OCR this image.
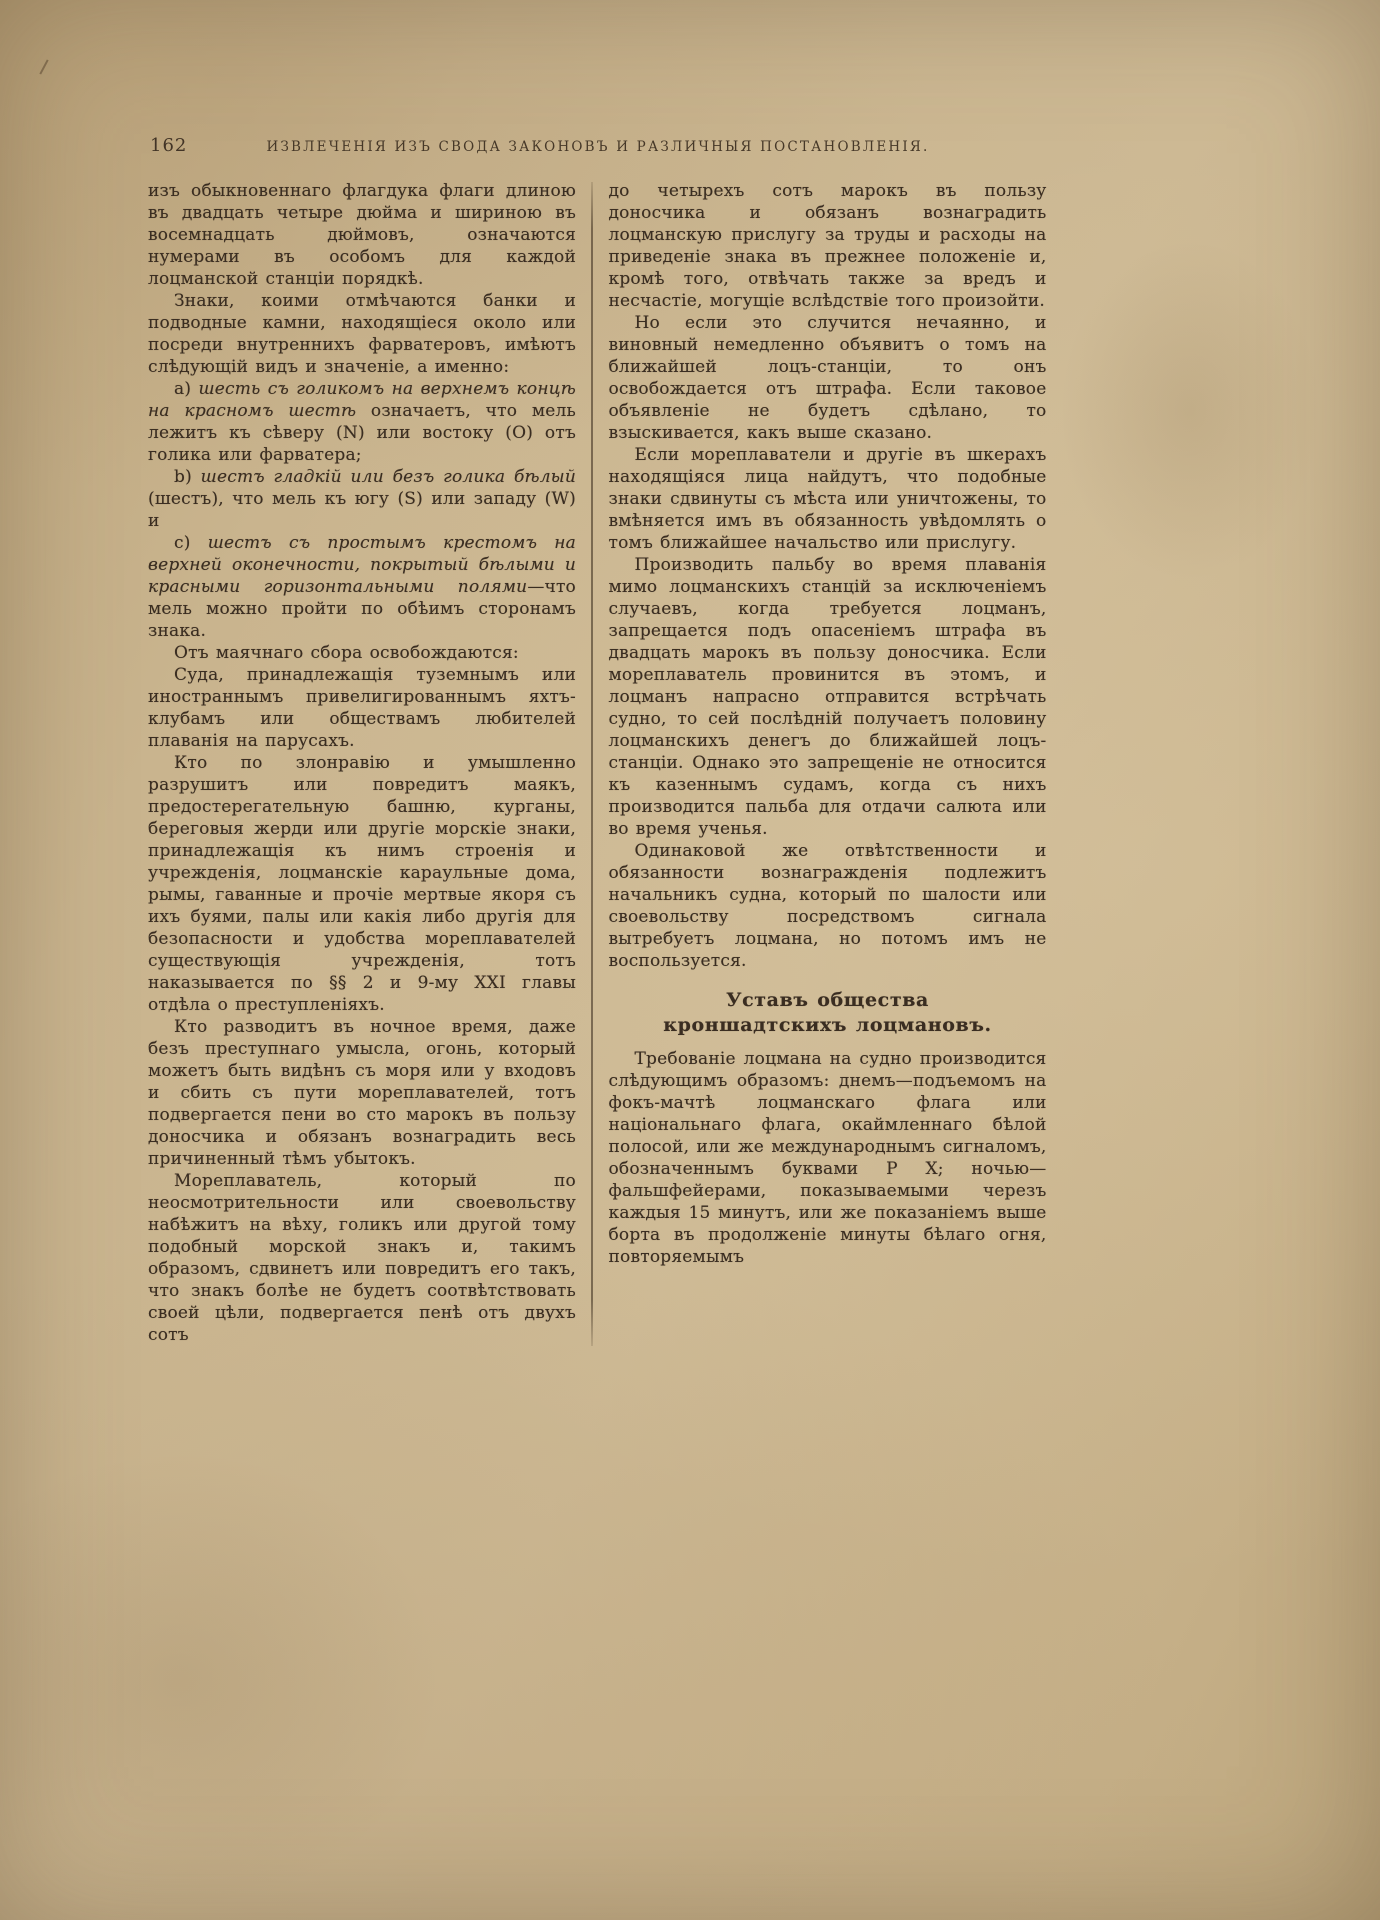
162	ИЗВЛЕЧЕНІЯ ИЗЪ СВОДА ЗАКОНОВЪ И РАЗЛИЧНЫЯ ПОСТАНОВЛЕНІЯ.

изъ обыкновеннаго флагдука флаги длиною въ двадцать четыре дюйма и шириною въ восемнадцать дюймовъ, означаются нумерами въ особомъ для каждой лоцманской станціи порядкѣ.

Знаки, коими отмѣчаются банки и подводные камни, находящіеся около или посреди внутреннихъ фарватеровъ, имѣютъ слѣдующій видъ и значеніе, а именно:

а) шесть съ голикомъ на верхнемъ концѣ на красномъ шестѣ означаетъ, что мель лежитъ къ сѣверу (N) или востоку (O) отъ голика или фарватера;

b) шестъ гладкій или безъ голика бѣлый (шестъ), что мель къ югу (S) или западу (W) и

c) шестъ съ простымъ крестомъ на верхней оконечности, покрытый бѣлыми и красными горизонтальными полями—что мель можно пройти по обѣимъ сторонамъ знака.

Отъ маячнаго сбора освобождаются:

Суда, принадлежащія туземнымъ или иностраннымъ привелигированнымъ яхтъ-клубамъ или обществамъ любителей плаванія на парусахъ.

Кто по злонравію и умышленно разрушитъ или повредитъ маякъ, предостерегательную башню, курганы, береговыя жерди или другіе морскіе знаки, принадлежащія къ нимъ строенія и учрежденія, лоцманскіе караульные дома, рымы, гаванные и прочіе мертвые якоря съ ихъ буями, палы или какія либо другія для безопасности и удобства мореплавателей существующія учрежденія, тотъ наказывается по §§ 2 и 9-му XXI главы отдѣла о преступленіяхъ.

Кто разводитъ въ ночное время, даже безъ преступнаго умысла, огонь, который можетъ быть видѣнъ съ моря или у входовъ и сбить съ пути мореплавателей, тотъ подвергается пени во сто марокъ въ пользу доносчика и обязанъ вознаградить весь причиненный тѣмъ убытокъ.

Мореплаватель, который по неосмотрительности или своевольству набѣжитъ на вѣху, голикъ или другой тому подобный морской знакъ и, такимъ образомъ, сдвинетъ или повредитъ его такъ, что знакъ болѣе не будетъ соотвѣтствовать своей цѣли, подвергается пенѣ отъ двухъ сотъ

до четырехъ сотъ марокъ въ пользу доносчика и обязанъ вознаградить лоцманскую прислугу за труды и расходы на приведеніе знака въ прежнее положеніе и, кромѣ того, отвѣчать также за вредъ и несчастіе, могущіе вслѣдствіе того произойти.

Но если это случится нечаянно, и виновный немедленно объявитъ о томъ на ближайшей лоцъ-станціи, то онъ освобождается отъ штрафа. Если таковое объявленіе не будетъ сдѣлано, то взыскивается, какъ выше сказано.

Если мореплаватели и другіе въ шкерахъ находящіяся лица найдутъ, что подобные знаки сдвинуты съ мѣста или уничтожены, то вмѣняется имъ въ обязанность увѣдомлять о томъ ближайшее начальство или прислугу.

Производить пальбу во время плаванія мимо лоцманскихъ станцій за исключеніемъ случаевъ, когда требуется лоцманъ, запрещается подъ опасеніемъ штрафа въ двадцать марокъ въ пользу доносчика. Если мореплаватель провинится въ этомъ, и лоцманъ напрасно отправится встрѣчать судно, то сей послѣдній получаетъ половину лоцманскихъ денегъ до ближайшей лоцъ-станціи. Однако это запрещеніе не относится къ казеннымъ судамъ, когда съ нихъ производится пальба для отдачи салюта или во время ученья.

Одинаковой же отвѣтственности и обязанности вознагражденія подлежитъ начальникъ судна, который по шалости или своевольству посредствомъ сигнала вытребуетъ лоцмана, но потомъ имъ не воспользуется.

Уставъ общества кроншадтскихъ лоцмановъ.

Требованіе лоцмана на судно производится слѣдующимъ образомъ: днемъ—подъемомъ на фокъ-мачтѣ лоцманскаго флага или національнаго флага, окаймленнаго бѣлой полосой, или же международнымъ сигналомъ, обозначеннымъ буквами P X; ночью—фальшфейерами, показываемыми черезъ каждыя 15 минутъ, или же показаніемъ выше борта въ продолженіе минуты бѣлаго огня, повторяемымъ
